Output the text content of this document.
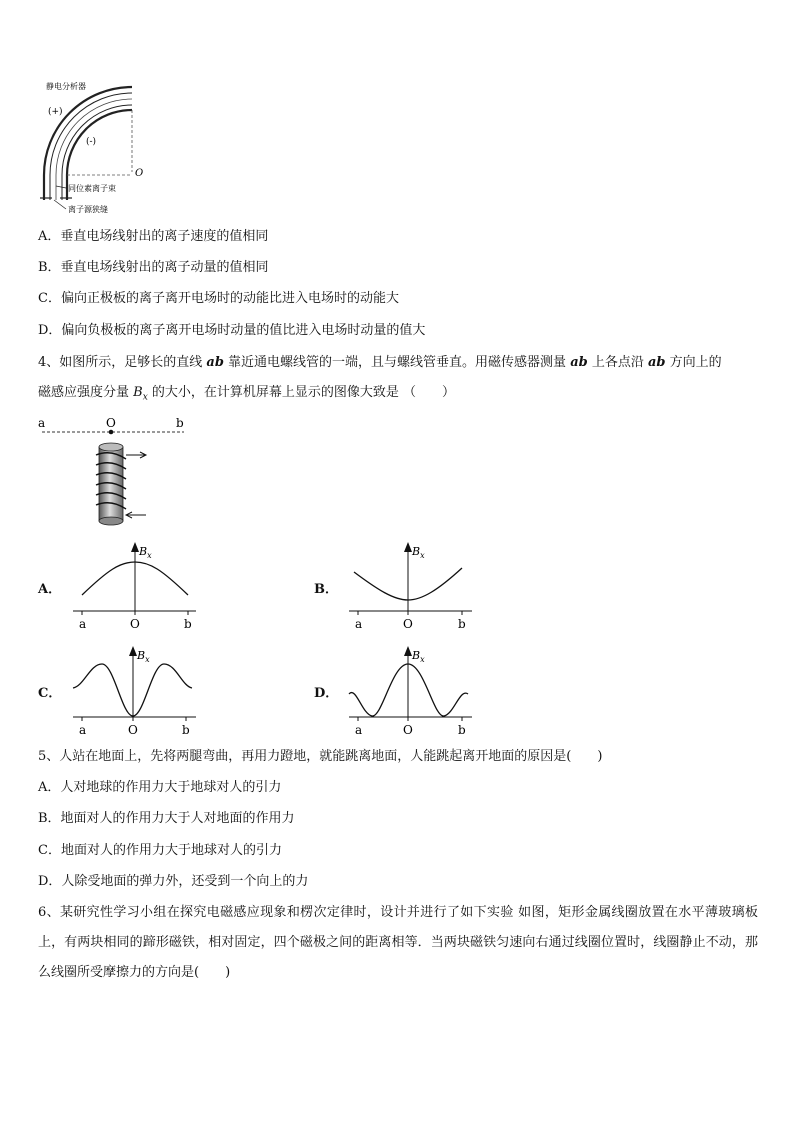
静电分析器
(+)
(-)
O
同位素离子束
离子源狭缝
A．垂直电场线射出的离子速度的值相同
B．垂直电场线射出的离子动量的值相同
C．偏向正极板的离子离开电场时的动能比进入电场时的动能大
D．偏向负极板的离子离开电场时动量的值比进入电场时动量的值大
4、如图所示，足够长的直线 ab 靠近通电螺线管的一端，且与螺线管垂直。用磁传感器测量 ab 上各点沿 ab 方向上的
磁感应强度分量 $B_x$ 的大小，在计算机屏幕上显示的图像大致是 （　　）
a	O	b
A．
$B_x$
a	O	b
B．
$B_x$
a	O	b
C．
$B_x$
a	O	b
D．
$B_x$
a	O	b
5、人站在地面上，先将两腿弯曲，再用力蹬地，就能跳离地面，人能跳起离开地面的原因是(　　)
A．人对地球的作用力大于地球对人的引力
B．地面对人的作用力大于人对地面的作用力
C．地面对人的作用力大于地球对人的引力
D．人除受地面的弹力外，还受到一个向上的力
6、某研究性学习小组在探究电磁感应现象和楞次定律时，设计并进行了如下实验 如图，矩形金属线圈放置在水平薄玻璃板上，有两块相同的蹄形磁铁，相对固定，四个磁极之间的距离相等．当两块磁铁匀速向右通过线圈位置时，线圈静止不动，那么线圈所受摩擦力的方向是(　　)
